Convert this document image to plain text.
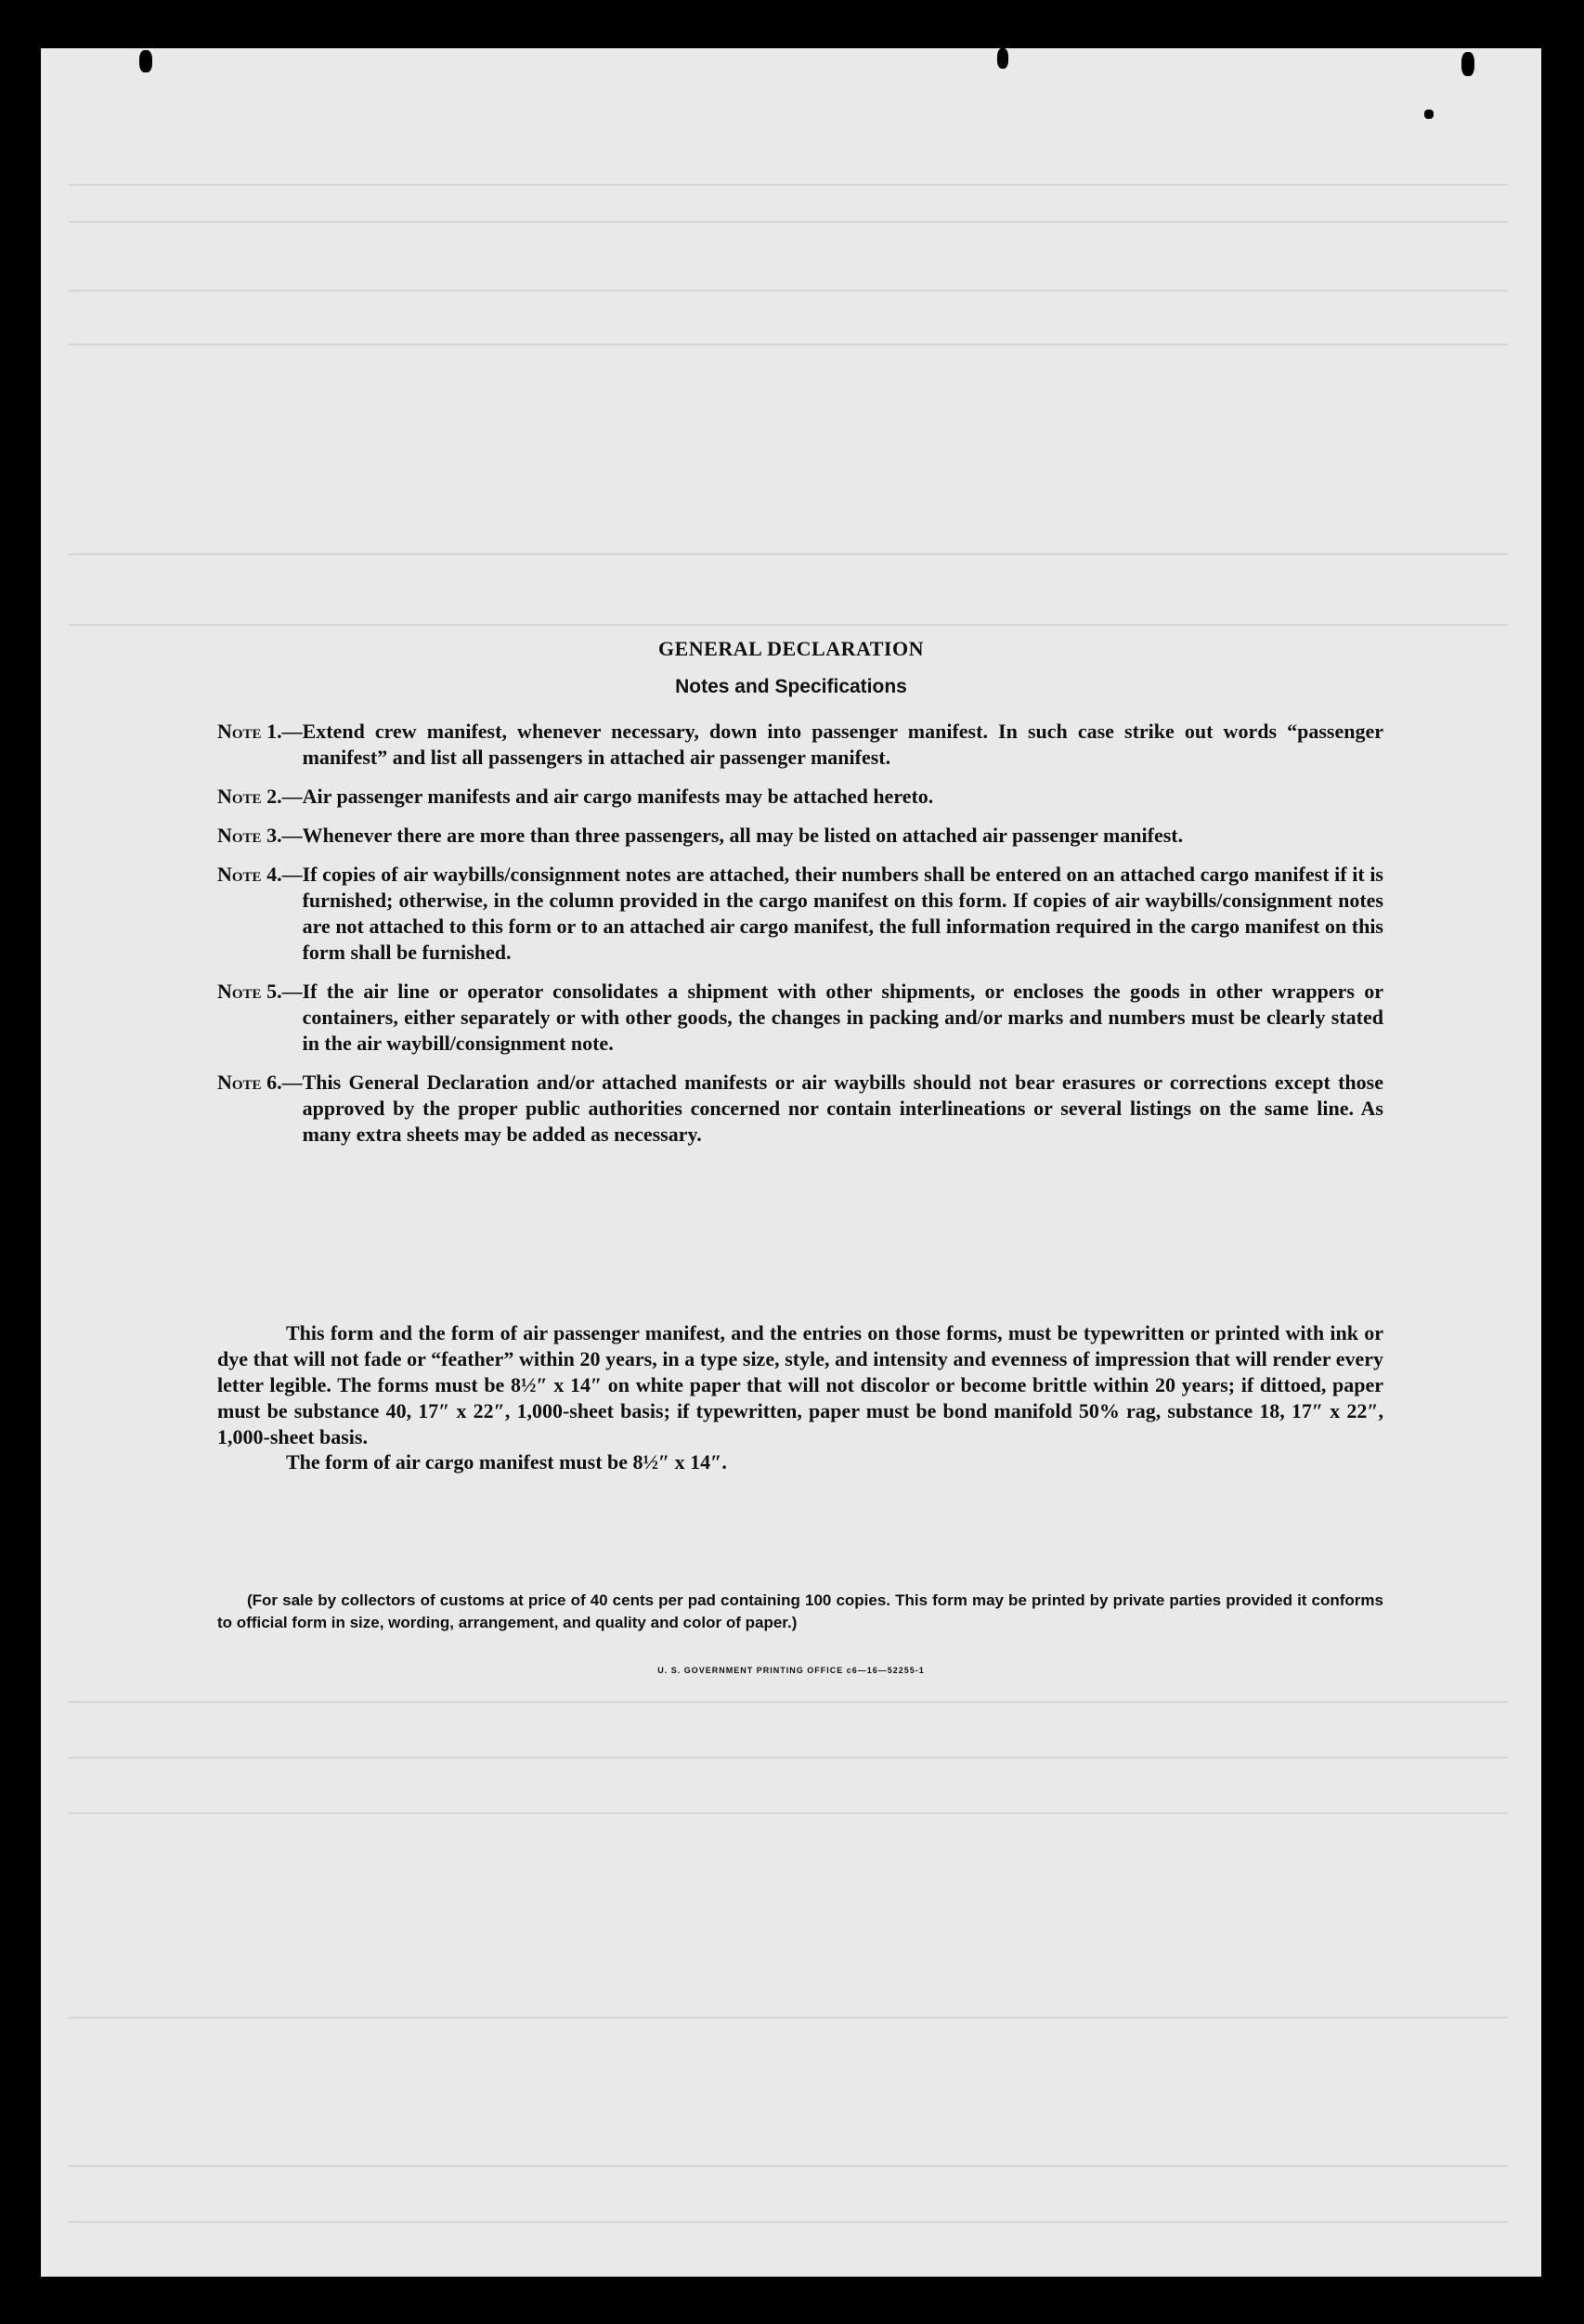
GENERAL DECLARATION
Notes and Specifications
Note 1. — Extend crew manifest, whenever necessary, down into passenger manifest. In such case strike out words “passenger manifest” and list all passengers in attached air passenger manifest.
Note 2. — Air passenger manifests and air cargo manifests may be attached hereto.
Note 3. — Whenever there are more than three passengers, all may be listed on attached air passenger manifest.
Note 4. — If copies of air waybills/consignment notes are attached, their numbers shall be entered on an attached cargo manifest if it is furnished; otherwise, in the column provided in the cargo manifest on this form. If copies of air waybills/consignment notes are not attached to this form or to an attached air cargo manifest, the full information required in the cargo manifest on this form shall be furnished.
Note 5. — If the air line or operator consolidates a shipment with other shipments, or encloses the goods in other wrappers or containers, either separately or with other goods, the changes in packing and/or marks and numbers must be clearly stated in the air waybill/consignment note.
Note 6. — This General Declaration and/or attached manifests or air waybills should not bear erasures or corrections except those approved by the proper public authorities concerned nor contain interlineations or several listings on the same line. As many extra sheets may be added as necessary.
This form and the form of air passenger manifest, and the entries on those forms, must be typewritten or printed with ink or dye that will not fade or “feather” within 20 years, in a type size, style, and intensity and evenness of impression that will render every letter legible. The forms must be 8½″ x 14″ on white paper that will not discolor or become brittle within 20 years; if dittoed, paper must be substance 40, 17″ x 22″, 1,000-sheet basis; if typewritten, paper must be bond manifold 50% rag, substance 18, 17″ x 22″, 1,000-sheet basis.
The form of air cargo manifest must be 8½″ x 14″.
(For sale by collectors of customs at price of 40 cents per pad containing 100 copies. This form may be printed by private parties provided it conforms to official form in size, wording, arrangement, and quality and color of paper.)
U. S. GOVERNMENT PRINTING OFFICE c6—16—52255-1
